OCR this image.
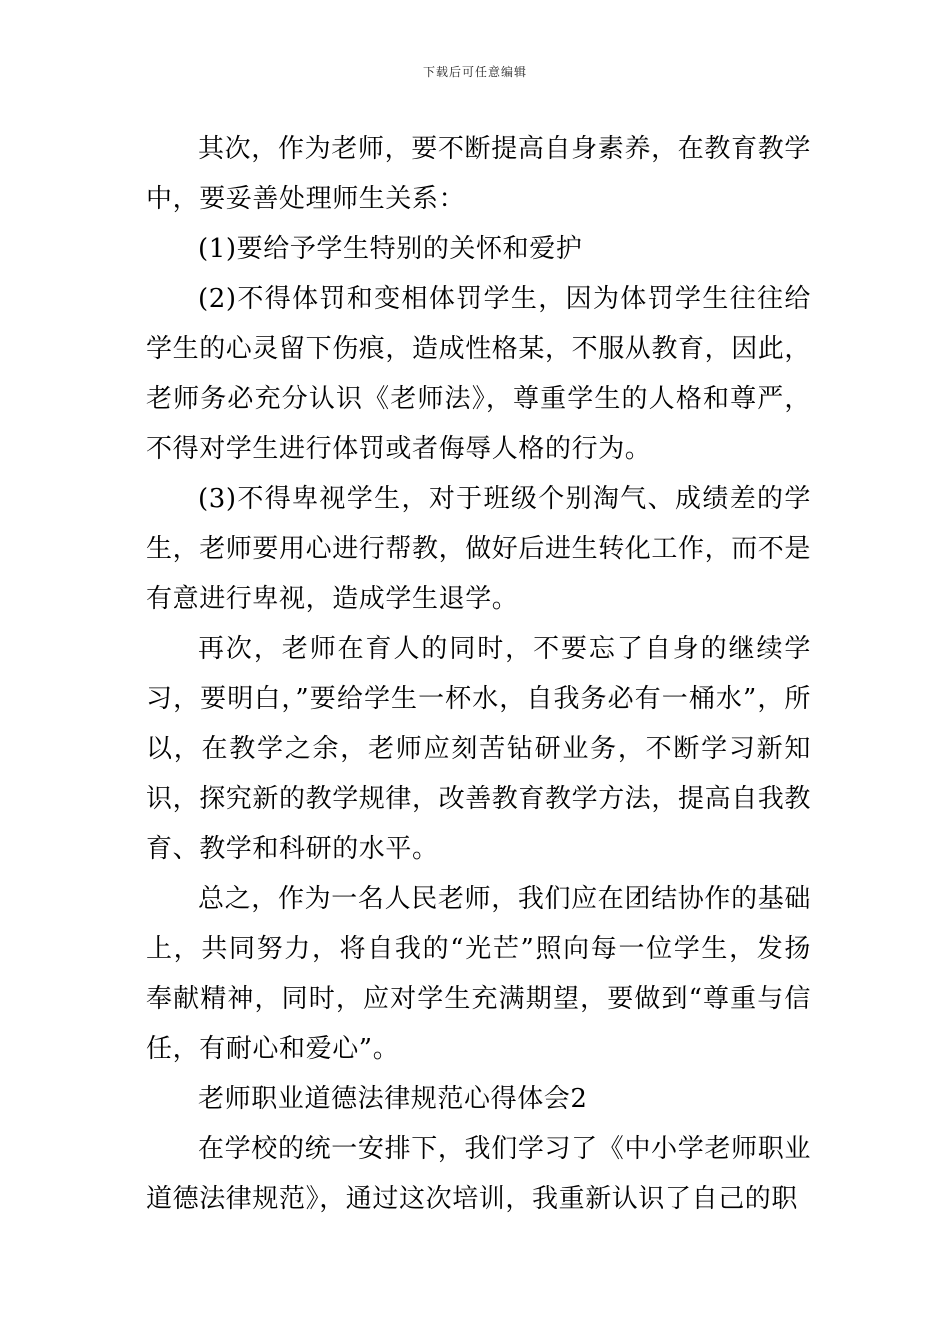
下载后可任意编辑

其次，作为老师，要不断提高自身素养，在教育教学中，要妥善处理师生关系：

(1)要给予学生特别的关怀和爱护

(2)不得体罚和变相体罚学生，因为体罚学生往往给学生的心灵留下伤痕，造成性格某，不服从教育，因此，老师务必充分认识《老师法》，尊重学生的人格和尊严，不得对学生进行体罚或者侮辱人格的行为。

(3)不得卑视学生，对于班级个别淘气、成绩差的学生，老师要用心进行帮教，做好后进生转化工作，而不是有意进行卑视，造成学生退学。

再次，老师在育人的同时，不要忘了自身的继续学习，要明白，”要给学生一杯水，自我务必有一桶水”，所以，在教学之余，老师应刻苦钻研业务，不断学习新知识，探究新的教学规律，改善教育教学方法，提高自我教育、教学和科研的水平。

总之，作为一名人民老师，我们应在团结协作的基础上，共同努力，将自我的“光芒”照向每一位学生，发扬奉献精神，同时，应对学生充满期望，要做到“尊重与信任，有耐心和爱心”。

老师职业道德法律规范心得体会2

在学校的统一安排下，我们学习了《中小学老师职业道德法律规范》，通过这次培训，我重新认识了自己的职
